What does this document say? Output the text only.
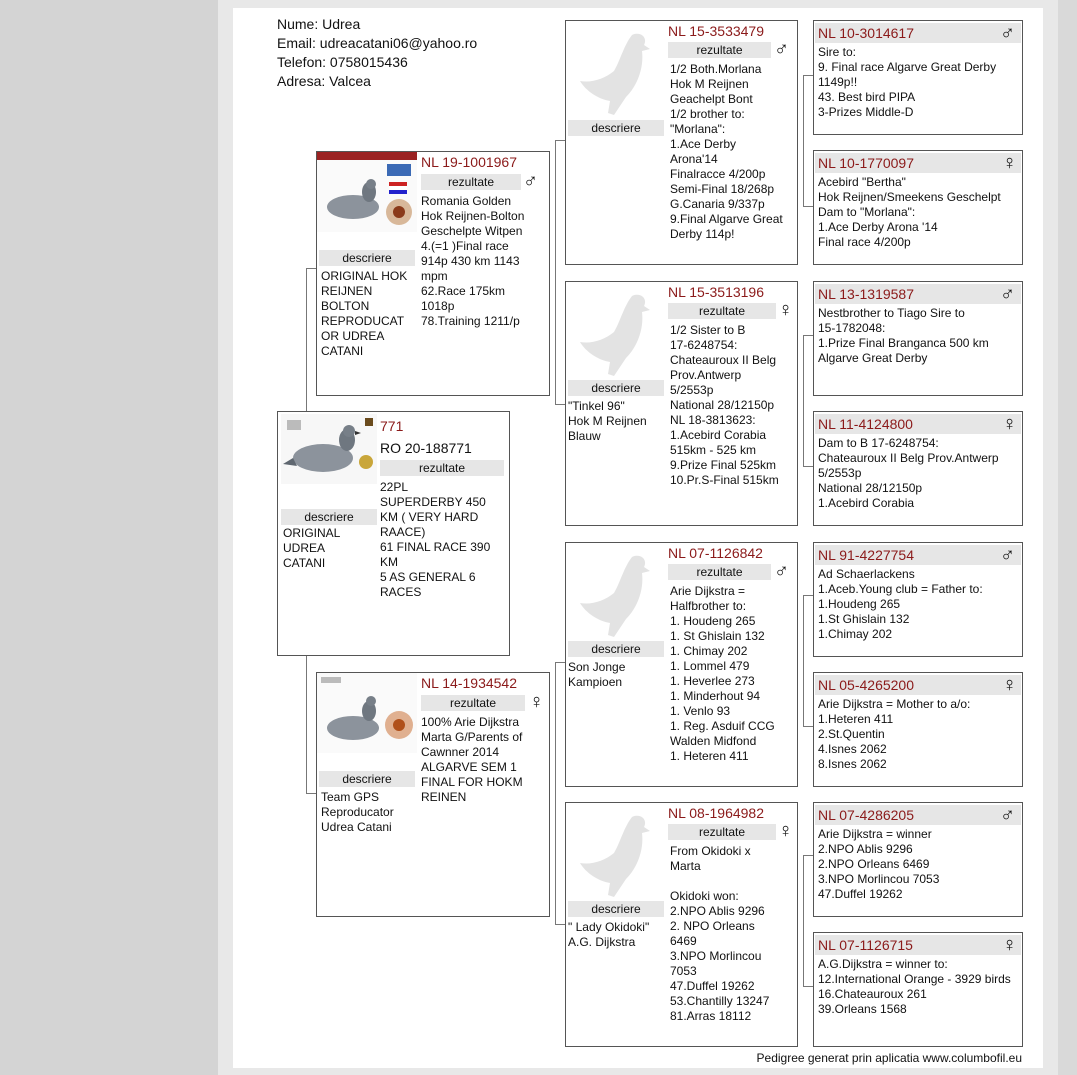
Nume: Udrea
Email: udreacatani06@yahoo.ro
Telefon: 0758015436
Adresa: Valcea
771
RO 20-188771
rezultate
22PL
SUPERDERBY 450
KM ( VERY HARD
RAACE)
61 FINAL RACE 390
KM
5 AS GENERAL 6
RACES
descriere
ORIGINAL
UDREA
CATANI
NL 19-1001967
rezultate	♂
Romania Golden
Hok Reijnen-Bolton
Geschelpte Witpen
4.(=1 )Final race
914p 430 km 1143
mpm
62.Race 175km
1018p
78.Training 1211/p
descriere
ORIGINAL HOK
REIJNEN
BOLTON
REPRODUCAT
OR UDREA
CATANI
NL 14-1934542
rezultate	♀
100% Arie Dijkstra
Marta G/Parents of
Cawnner 2014
ALGARVE SEM 1
FINAL FOR HOKM
REINEN
descriere
Team GPS
Reproducator
Udrea Catani
NL 15-3533479
rezultate	♂
1/2 Both.Morlana
Hok M Reijnen
Geachelpt Bont
1/2 brother to:
"Morlana":
1.Ace Derby
Arona'14
Finalracce 4/200p
Semi-Final 18/268p
G.Canaria 9/337p
9.Final Algarve Great
Derby 114p!
descriere
NL 15-3513196
rezultate	♀
1/2 Sister to B
17-6248754:
Chateauroux II Belg
Prov.Antwerp
5/2553p
National 28/12150p
NL 18-3813623:
1.Acebird Corabia
515km - 525 km
9.Prize Final 525km
10.Pr.S-Final 515km
descriere
"Tinkel 96"
Hok M Reijnen
Blauw
NL 07-1126842
rezultate	♂
Arie Dijkstra =
Halfbrother to:
1. Houdeng 265
1. St Ghislain 132
1. Chimay 202
1. Lommel 479
1. Heverlee 273
1. Minderhout 94
1. Venlo 93
1. Reg. Asduif CCG
Walden Midfond
1. Heteren 411
descriere
Son Jonge
Kampioen
NL 08-1964982
rezultate	♀
From Okidoki x
Marta

Okidoki won:
2.NPO Ablis 9296
2. NPO Orleans
6469
3.NPO Morlincou
7053
47.Duffel 19262
53.Chantilly 13247
81.Arras 18112
descriere
" Lady Okidoki"
A.G. Dijkstra
NL 10-3014617	♂
Sire to:
9. Final race Algarve Great Derby
1149p!!
43. Best bird PIPA
3-Prizes Middle-D
NL 10-1770097	♀
Acebird "Bertha"
Hok Reijnen/Smeekens Geschelpt
Dam to "Morlana":
1.Ace Derby Arona '14
Final race 4/200p
NL 13-1319587	♂
Nestbrother to Tiago Sire to
15-1782048:
1.Prize Final Branganca 500 km
Algarve Great Derby
NL 11-4124800	♀
Dam to B 17-6248754:
Chateauroux II Belg Prov.Antwerp
5/2553p
National 28/12150p
1.Acebird Corabia
NL 91-4227754	♂
Ad Schaerlackens
1.Aceb.Young club = Father to:
1.Houdeng 265
1.St Ghislain 132
1.Chimay 202
NL 05-4265200	♀
Arie Dijkstra = Mother to a/o:
1.Heteren 411
2.St.Quentin
4.Isnes 2062
8.Isnes 2062
NL 07-4286205	♂
Arie Dijkstra = winner
2.NPO Ablis 9296
2.NPO Orleans 6469
3.NPO Morlincou 7053
47.Duffel 19262
NL 07-1126715	♀
A.G.Dijkstra = winner to:
12.International Orange - 3929 birds
16.Chateauroux 261
39.Orleans 1568
Pedigree generat prin aplicatia www.columbofil.eu
